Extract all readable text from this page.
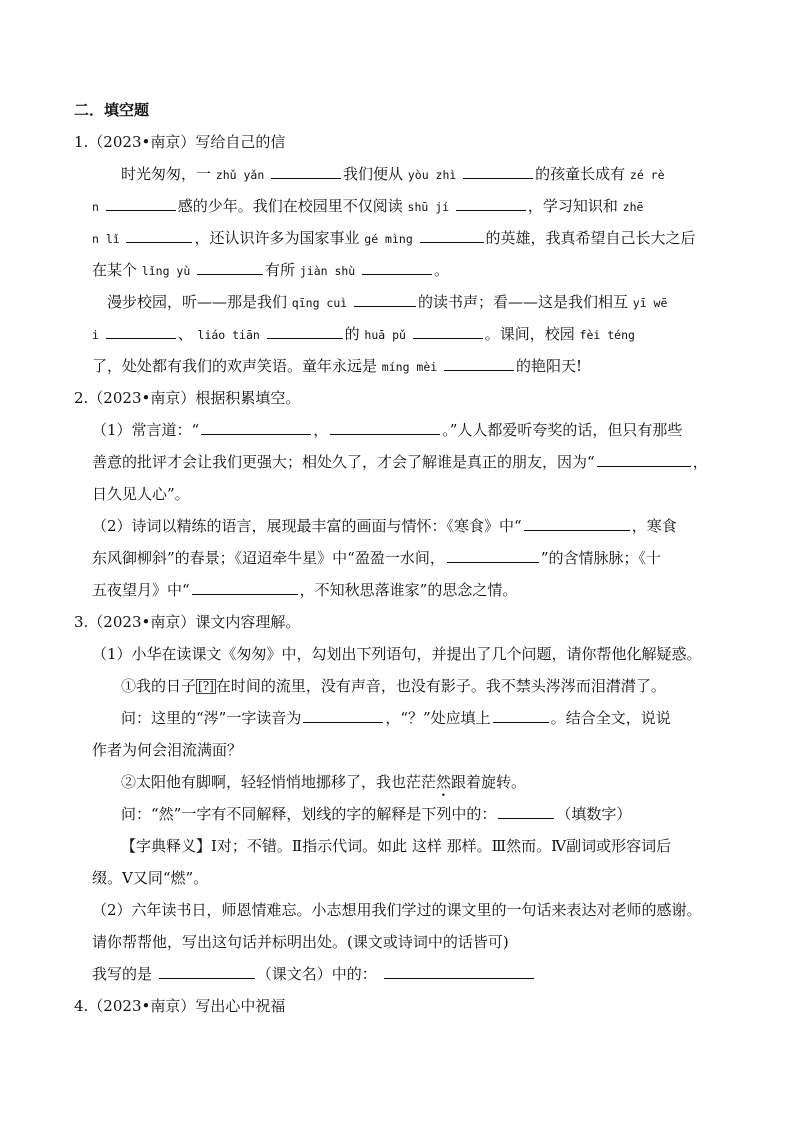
二．填空题
1.（2023•南京）写给自己的信
时光匆匆，一 zhǔ yǎn	我们便从 yòu zhì	的孩童长成有 zé rè
n	感的少年。我们在校园里不仅阅读 shū jí	，学习知识和 zhē
n lǐ	，还认识许多为国家事业 gé mìng	的英雄，我真希望自己长大之后
在某个 lǐng yù	有所 jiàn shù	。
漫步校园，听——那是我们 qīng cuì	的读书声；看——这是我们相互 yī wē
i	、 liáo tiān	的 huā pǔ	。课间，校园 fèi téng
了，处处都有我们的欢声笑语。童年永远是 míng mèi	的艳阳天!
2.（2023•南京）根据积累填空。
（1）常言道：“	，	。”人人都爱听夸奖的话，但只有那些
善意的批评才会让我们更强大；相处久了，才会了解谁是真正的朋友，因为“	，
日久见人心”。
（2）诗词以精练的语言，展现最丰富的画面与情怀：《寒食》中“	，寒食
东风御柳斜”的春景；《迢迢牵牛星》中“盈盈一水间，	”的含情脉脉；《十
五夜望月》中“	，不知秋思落谁家”的思念之情。
3.（2023•南京）课文内容理解。
（1）小华在读课文《匆匆》中，勾划出下列语句，并提出了几个问题，请你帮他化解疑惑。
①我的日子 [?] 在时间的流里，没有声音，也没有影子。我不禁头涔涔而泪潸潸了。
问：这里的“涔”一字读音为	，“？”处应填上	。结合全文，说说
作者为何会泪流满面？
②太阳他有脚啊，轻轻悄悄地挪移了，我也茫茫然跟着旋转。
问：“然”一字有不同解释，划线的字的解释是下列中的：	（填数字）
【字典释义】Ⅰ对；不错。Ⅱ指示代词。如此 这样 那样。Ⅲ然而。Ⅳ副词或形容词后
缀。Ⅴ又同“燃”。
（2）六年读书日，师恩情难忘。小志想用我们学过的课文里的一句话来表达对老师的感谢。
请你帮帮他，写出这句话并标明出处。(课文或诗词中的话皆可)
我写的是	（课文名）中的：
4.（2023•南京）写出心中祝福
